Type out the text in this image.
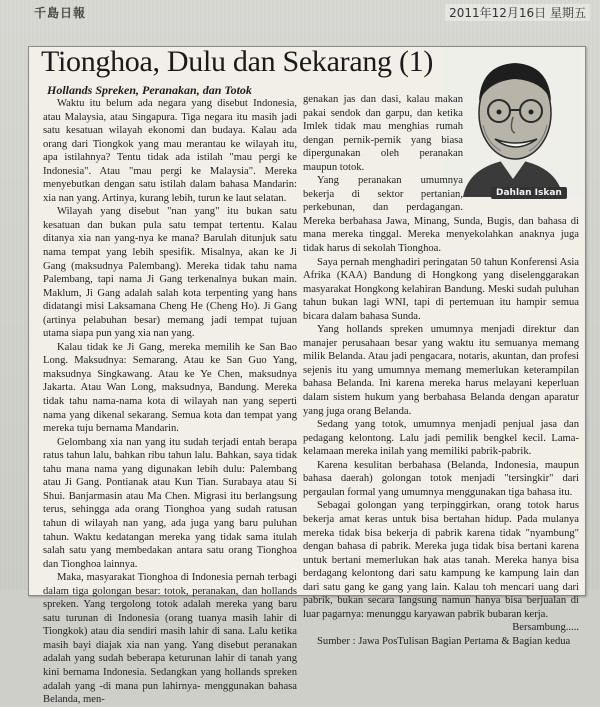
千島日報	2011年12月16日 星期五
Tionghoa, Dulu dan Sekarang (1)
Hollands Spreken, Peranakan, dan Totok
Dahlan Iskan

Waktu itu belum ada negara yang disebut Indonesia, atau Malaysia, atau Singapura. Tiga negara itu masih jadi satu kesatuan wilayah ekonomi dan budaya. Kalau ada orang dari Tiongkok yang mau merantau ke wilayah itu, apa istilahnya? Tentu tidak ada istilah "mau pergi ke Indonesia". Atau "mau pergi ke Malaysia". Mereka menyebutkan dengan satu istilah dalam bahasa Mandarin: xia nan yang. Artinya, kurang lebih, turun ke laut selatan.

Wilayah yang disebut "nan yang" itu bukan satu kesatuan dan bukan pula satu tempat tertentu. Kalau ditanya xia nan yang-nya ke mana? Barulah ditunjuk satu nama tempat yang lebih spesifik. Misalnya, akan ke Ji Gang (maksudnya Palembang). Mereka tidak tahu nama Palembang, tapi nama Ji Gang terkenalnya bukan main. Maklum, Ji Gang adalah salah kota terpenting yang hans didatangi misi Laksamana Cheng He (Cheng Ho). Ji Gang (artinya pelabuhan besar) memang jadi tempat tujuan utama siapa pun yang xia nan yang.

Kalau tidak ke Ji Gang, mereka memilih ke San Bao Long. Maksudnya: Semarang. Atau ke San Guo Yang, maksudnya Singkawang. Atau ke Ye Chen, maksudnya Jakarta. Atau Wan Long, maksudnya, Bandung. Mereka tidak tahu nama-nama kota di wilayah nan yang seperti nama yang dikenal sekarang. Semua kota dan tempat yang mereka tuju bernama Mandarin.

Gelombang xia nan yang itu sudah terjadi entah berapa ratus tahun lalu, bahkan ribu tahun lalu. Bahkan, saya tidak tahu mana nama yang digunakan lebih dulu: Palembang atau Ji Gang. Pontianak atau Kun Tian. Surabaya atau Si Shui. Banjarmasin atau Ma Chen. Migrasi itu berlangsung terus, sehingga ada orang Tionghoa yang sudah ratusan tahun di wilayah nan yang, ada juga yang baru puluhan tahun. Waktu kedatangan mereka yang tidak sama itulah salah satu yang membedakan antara satu orang Tionghoa dan Tionghoa lainnya.

Maka, masyarakat Tionghoa di Indonesia pernah terbagi dalam tiga golongan besar: totok, peranakan, dan hollands spreken. Yang tergolong totok adalah mereka yang baru satu turunan di Indonesia (orang tuanya masih lahir di Tiongkok) atau dia sendiri masih lahir di sana. Lalu ketika masih bayi diajak xia nan yang. Yang disebut peranakan adalah yang sudah beberapa keturunan lahir di tanah yang kini bernama Indonesia. Sedangkan yang hollands spreken adalah yang -di mana pun lahirnya- menggunakan bahasa Belanda, men-

genakan jas dan dasi, kalau makan pakai sendok dan garpu, dan ketika Imlek tidak mau menghias rumah dengan pernik-pernik yang biasa dipergunakan oleh peranakan maupun totok.

Yang peranakan umumnya bekerja di sektor pertanian, perkebunan, dan perdagangan. Mereka berbahasa Jawa, Minang, Sunda, Bugis, dan bahasa di mana mereka tinggal. Mereka menyekolahkan anaknya juga tidak harus di sekolah Tionghoa.

Saya pernah menghadiri peringatan 50 tahun Konferensi Asia Afrika (KAA) Bandung di Hongkong yang diselenggarakan masyarakat Hongkong kelahiran Bandung. Meski sudah puluhan tahun bukan lagi WNI, tapi di pertemuan itu hampir semua bicara dalam bahasa Sunda.

Yang hollands spreken umumnya menjadi direktur dan manajer perusahaan besar yang waktu itu semuanya memang milik Belanda. Atau jadi pengacara, notaris, akuntan, dan profesi sejenis itu yang umumnya memang memerlukan keterampilan bahasa Belanda. Ini karena mereka harus melayani keperluan dalam sistem hukum yang berbahasa Belanda dengan aparatur yang juga orang Belanda.

Sedang yang totok, umumnya menjadi penjual jasa dan pedagang kelontong. Lalu jadi pemilik bengkel kecil. Lama-kelamaan mereka inilah yang memiliki pabrik-pabrik.

Karena kesulitan berbahasa (Belanda, Indonesia, maupun bahasa daerah) golongan totok menjadi "tersingkir" dari pergaulan formal yang umumnya menggunakan tiga bahasa itu.

Sebagai golongan yang terpinggirkan, orang totok harus bekerja amat keras untuk bisa bertahan hidup. Pada mulanya mereka tidak bisa bekerja di pabrik karena tidak "nyambung" dengan bahasa di pabrik. Mereka juga tidak bisa bertani karena untuk bertani memerlukan hak atas tanah. Mereka hanya bisa berdagang kelontong dari satu kampung ke kampung lain dan dari satu gang ke gang yang lain. Kalau toh mencari uang dari pabrik, bukan secara langsung namun hanya bisa berjualan di luar pagarnya: menunggu karyawan pabrik bubaran kerja.

Bersambung.....

Sumber : Jawa PosTulisan Bagian Pertama & Bagian kedua
